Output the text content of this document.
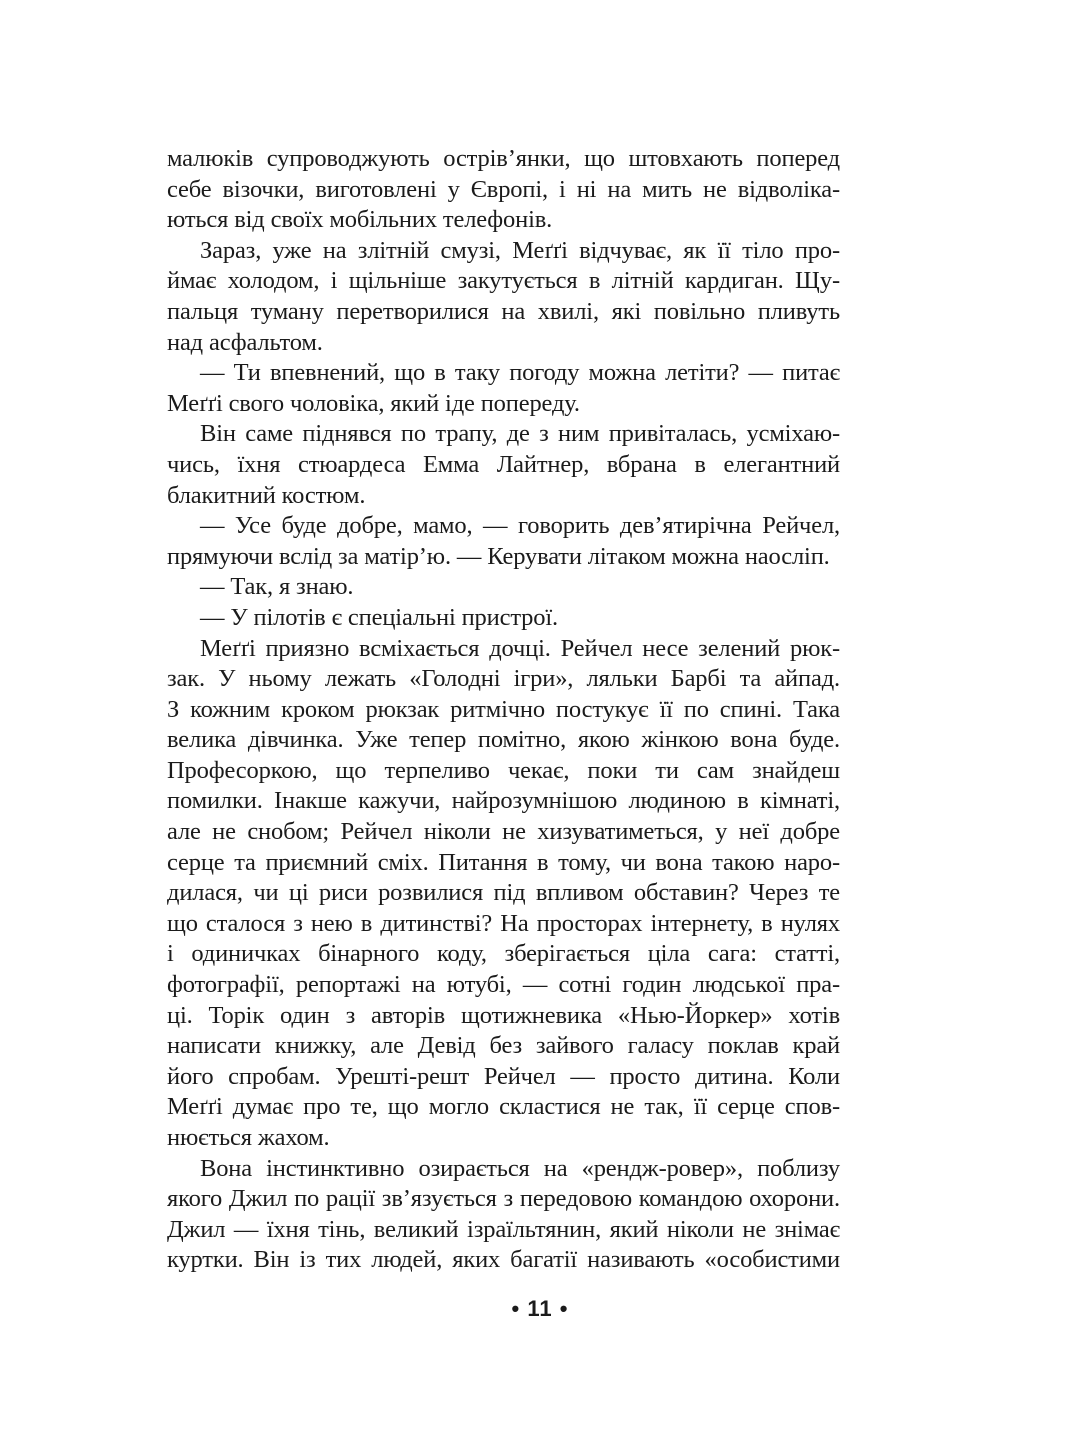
малюків супроводжують острів’янки, що штовхають поперед
себе візочки, виготовлені у Європі, і ні на мить не відволіка-
ються від своїх мобільних телефонів.
Зараз, уже на злітній смузі, Меґґі відчуває, як її тіло про-
ймає холодом, і щільніше закутується в літній кардиган. Щу-
пальця туману перетворилися на хвилі, які повільно пливуть
над асфальтом.
— Ти впевнений, що в таку погоду можна летіти? — питає
Меґґі свого чоловіка, який іде попереду.
Він саме піднявся по трапу, де з ним привіталась, усміхаю-
чись, їхня стюардеса Емма Лайтнер, вбрана в елегантний
блакитний костюм.
— Усе буде добре, мамо, — говорить дев’ятирічна Рейчел,
прямуючи вслід за матір’ю. — Керувати літаком можна наосліп.
— Так, я знаю.
— У пілотів є спеціальні пристрої.
Меґґі приязно всміхається дочці. Рейчел несе зелений рюк-
зак. У ньому лежать «Голодні ігри», ляльки Барбі та айпад.
З кожним кроком рюкзак ритмічно постукує її по спині. Така
велика дівчинка. Уже тепер помітно, якою жінкою вона буде.
Професоркою, що терпеливо чекає, поки ти сам знайдеш
помилки. Інакше кажучи, найрозумнішою людиною в кімнаті,
але не снобом; Рейчел ніколи не хизуватиметься, у неї добре
серце та приємний сміх. Питання в тому, чи вона такою наро-
дилася, чи ці риси розвилися під впливом обставин? Через те
що сталося з нею в дитинстві? На просторах інтернету, в нулях
і одиничках бінарного коду, зберігається ціла сага: статті,
фотографії, репортажі на ютубі, — сотні годин людської пра-
ці. Торік один з авторів щотижневика «Нью-Йоркер» хотів
написати книжку, але Девід без зайвого галасу поклав край
його спробам. Урешті-решт Рейчел — просто дитина. Коли
Меґґі думає про те, що могло скластися не так, її серце спов-
нюється жахом.
Вона інстинктивно озирається на «рендж-ровер», поблизу
якого Джил по рації зв’язується з передовою командою охорони.
Джил — їхня тінь, великий ізраїльтянин, який ніколи не знімає
куртки. Він із тих людей, яких багатії називають «особистими
• 11 •
